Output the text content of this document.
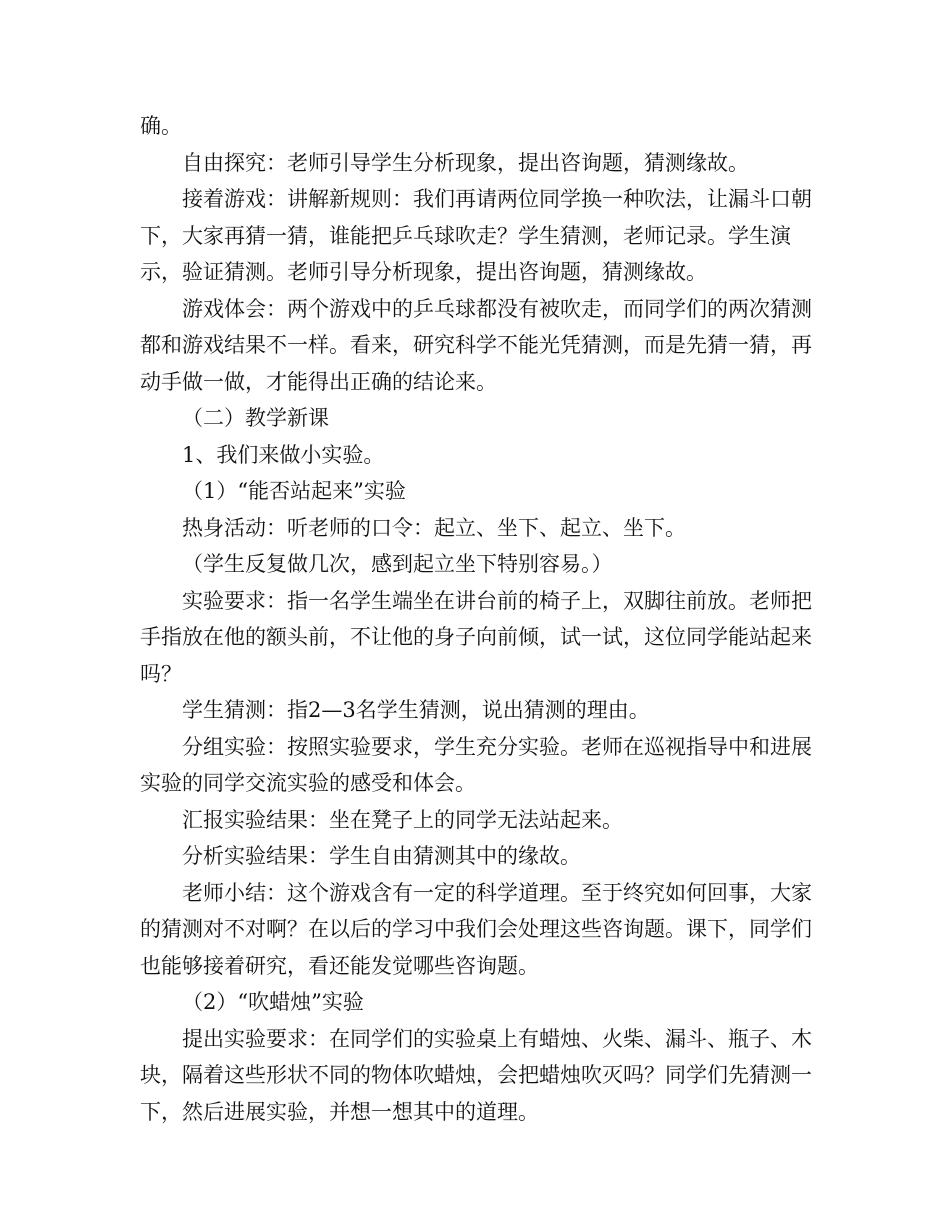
确。

自由探究：老师引导学生分析现象，提出咨询题，猜测缘故。

接着游戏：讲解新规则：我们再请两位同学换一种吹法，让漏斗口朝下，大家再猜一猜，谁能把乒乓球吹走？学生猜测，老师记录。学生演示，验证猜测。老师引导分析现象，提出咨询题，猜测缘故。

游戏体会：两个游戏中的乒乓球都没有被吹走，而同学们的两次猜测都和游戏结果不一样。看来，研究科学不能光凭猜测，而是先猜一猜，再动手做一做，才能得出正确的结论来。

（二）教学新课

1、我们来做小实验。

（1）“能否站起来”实验

热身活动：听老师的口令：起立、坐下、起立、坐下。

（学生反复做几次，感到起立坐下特别容易。）

实验要求：指一名学生端坐在讲台前的椅子上，双脚往前放。老师把手指放在他的额头前，不让他的身子向前倾，试一试，这位同学能站起来吗？

学生猜测：指2—3名学生猜测，说出猜测的理由。

分组实验：按照实验要求，学生充分实验。老师在巡视指导中和进展实验的同学交流实验的感受和体会。

汇报实验结果：坐在凳子上的同学无法站起来。

分析实验结果：学生自由猜测其中的缘故。

老师小结：这个游戏含有一定的科学道理。至于终究如何回事，大家的猜测对不对啊？在以后的学习中我们会处理这些咨询题。课下，同学们也能够接着研究，看还能发觉哪些咨询题。

（2）“吹蜡烛”实验

提出实验要求：在同学们的实验桌上有蜡烛、火柴、漏斗、瓶子、木块，隔着这些形状不同的物体吹蜡烛，会把蜡烛吹灭吗？同学们先猜测一下，然后进展实验，并想一想其中的道理。
